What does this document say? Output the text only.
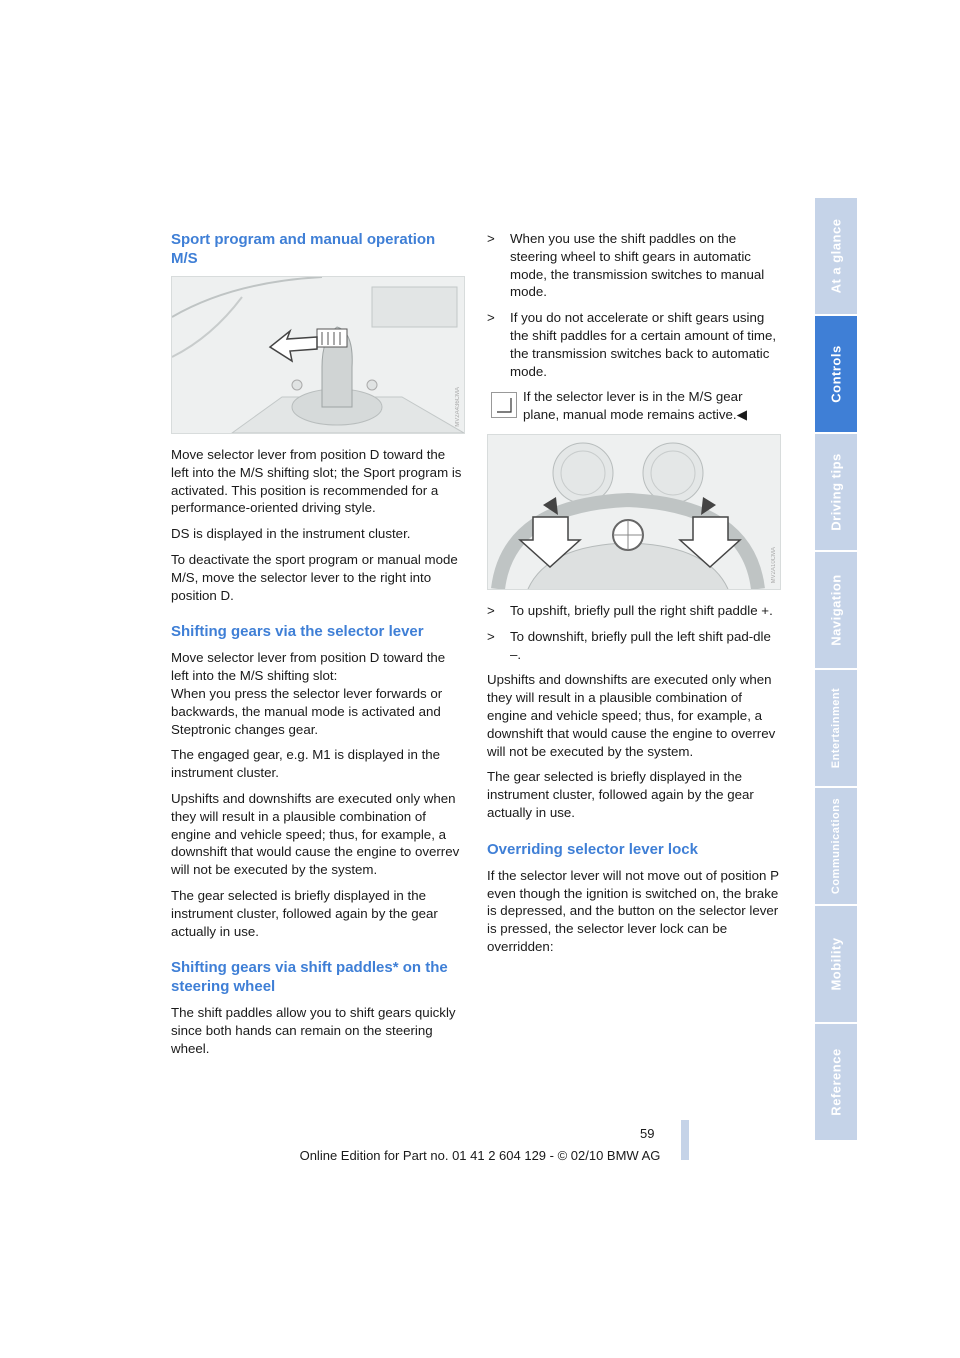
Sport program and manual operation M/S
MV2A436CMA

Move selector lever from position D toward the left into the M/S shifting slot; the Sport program is activated. This position is recommended for a performance-oriented driving style.

DS is displayed in the instrument cluster.

To deactivate the sport program or manual mode M/S, move the selector lever to the right into position D.

Shifting gears via the selector lever

Move selector lever from position D toward the left into the M/S shifting slot:
When you press the selector lever forwards or backwards, the manual mode is activated and Steptronic changes gear.

The engaged gear, e.g. M1 is displayed in the instrument cluster.

Upshifts and downshifts are executed only when they will result in a plausible combination of engine and vehicle speed; thus, for example, a downshift that would cause the engine to overrev will not be executed by the system.

The gear selected is briefly displayed in the instrument cluster, followed again by the gear actually in use.

Shifting gears via shift paddles* on the steering wheel

The shift paddles allow you to shift gears quickly since both hands can remain on the steering wheel.

> When you use the shift paddles on the steering wheel to shift gears in automatic mode, the transmission switches to manual mode.
> If you do not accelerate or shift gears using the shift paddles for a certain amount of time, the transmission switches back to automatic mode.
If the selector lever is in the M/S gear plane, manual mode remains active.◀
MV2A10CMA
> To upshift, briefly pull the right shift paddle +.
> To downshift, briefly pull the left shift pad-dle –.

Upshifts and downshifts are executed only when they will result in a plausible combination of engine and vehicle speed; thus, for example, a downshift that would cause the engine to overrev will not be executed by the system.

The gear selected is briefly displayed in the instrument cluster, followed again by the gear actually in use.

Overriding selector lever lock

If the selector lever will not move out of position P even though the ignition is switched on, the brake is depressed, and the button on the selector lever is pressed, the selector lever lock can be overridden:

At a glance
Controls
Driving tips
Navigation
Entertainment
Communications
Mobility
Reference
59
Online Edition for Part no. 01 41 2 604 129 - © 02/10 BMW AG
